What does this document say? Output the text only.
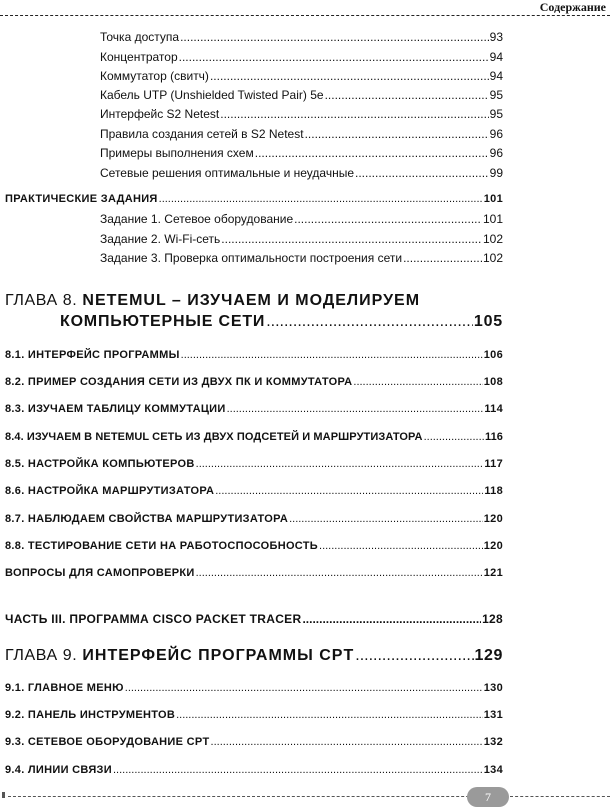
Содержание
Точка доступа .....	93
Концентратор .....	94
Коммутатор (свитч) .....	94
Кабель UTP (Unshielded Twisted Pair) 5e .....	95
Интерфейс S2 Netest .....	95
Правила создания сетей в S2 Netest .....	96
Примеры выполнения схем .....	96
Сетевые решения оптимальные и неудачные .....	99
ПРАКТИЧЕСКИЕ ЗАДАНИЯ .....	101
Задание 1. Сетевое оборудование .....	101
Задание 2. Wi-Fi-сеть .....	102
Задание 3. Проверка оптимальности построения сети .....	102
ГЛАВА 8. NETEMUL – ИЗУЧАЕМ И МОДЕЛИРУЕМ
КОМПЬЮТЕРНЫЕ СЕТИ .....	105
8.1. ИНТЕРФЕЙС ПРОГРАММЫ .....	106
8.2. ПРИМЕР СОЗДАНИЯ СЕТИ ИЗ ДВУХ ПК И КОММУТАТОРА .....	108
8.3. ИЗУЧАЕМ ТАБЛИЦУ КОММУТАЦИИ .....	114
8.4. ИЗУЧАЕМ В NETEMUL СЕТЬ ИЗ ДВУХ ПОДСЕТЕЙ И МАРШРУТИЗАТОРА .....	116
8.5. НАСТРОЙКА КОМПЬЮТЕРОВ .....	117
8.6. НАСТРОЙКА МАРШРУТИЗАТОРА .....	118
8.7. НАБЛЮДАЕМ СВОЙСТВА МАРШРУТИЗАТОРА .....	120
8.8. ТЕСТИРОВАНИЕ СЕТИ НА РАБОТОСПОСОБНОСТЬ .....	120
ВОПРОСЫ ДЛЯ САМОПРОВЕРКИ .....	121
ЧАСТЬ III. ПРОГРАММА CISCO PACKET TRACER .....	128
ГЛАВА 9. ИНТЕРФЕЙС ПРОГРАММЫ CPT .....	129
9.1. ГЛАВНОЕ МЕНЮ .....	130
9.2. ПАНЕЛЬ ИНСТРУМЕНТОВ .....	131
9.3. СЕТЕВОЕ ОБОРУДОВАНИЕ CPT .....	132
9.4. ЛИНИИ СВЯЗИ .....	134
7
